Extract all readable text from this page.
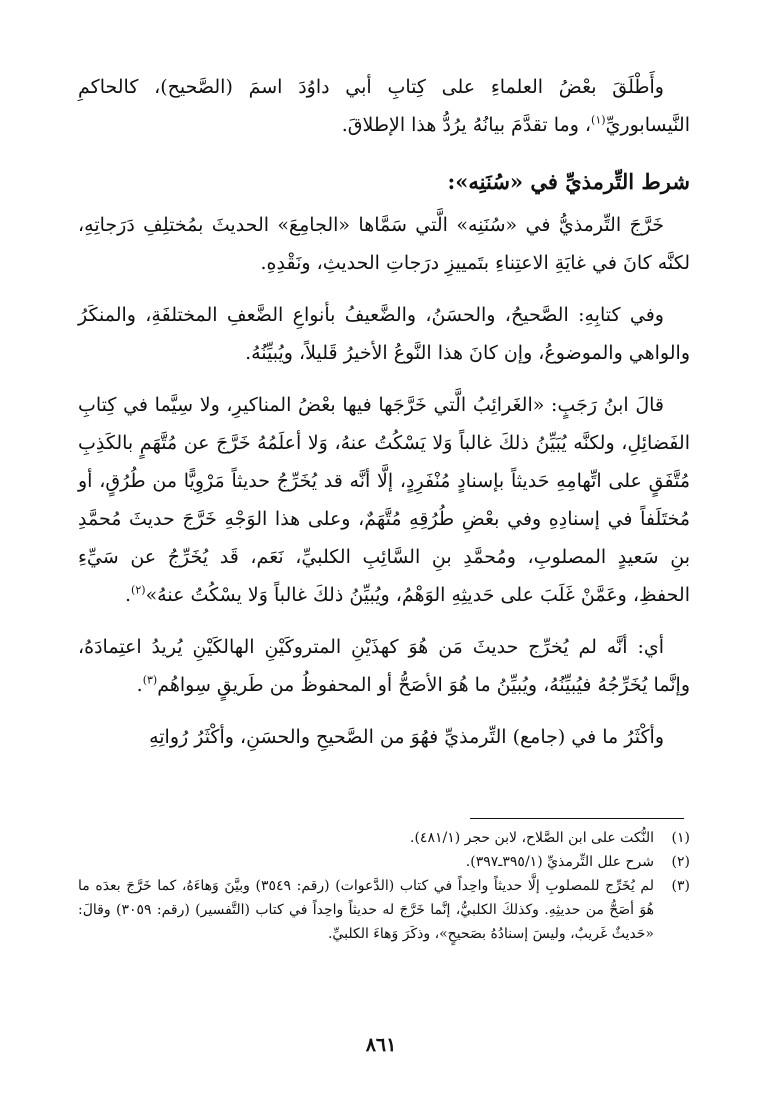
وأَطْلَقَ بعْضُ العلماءِ على كِتابِ أبي داوُدَ اسمَ (الصَّحيح)، كالحاكمِ النَّيسابوريِّ$^{(١)}$، وما تقدَّمَ بيانُهُ يرُدُّ هذا الإطلاقَ.

شرط التِّرمذيِّ في «سُنَنِه»:

خَرَّجَ التِّرمذيُّ في «سُنَنِه» الَّتي سَمَّاها «الجامِعَ» الحديثَ بمُختلِفِ دَرَجاتِهِ، لكنَّه كانَ في غايَةِ الاعتِناءِ بتَمييزِ درَجاتِ الحديثِ، ونَقْدِهِ.

وفي كتابِهِ: الصَّحيحُ، والحسَنُ، والضَّعيفُ بأنواعِ الضَّعفِ المختلفَةِ، والمنكَرُ والواهي والموضوعُ، وإن كانَ هذا النَّوعُ الأخيرُ قَليلاً، ويُبيِّنُهُ.

قالَ ابنُ رَجَبٍ: «الغَرائِبُ الَّتي خَرَّجَها فيها بعْضُ المناكيرِ، ولا سِيَّما في كِتابِ الفَضائِلِ، ولكنَّه يُبَيِّنُ ذلكَ غالباً وَلا يَسْكُتُ عنهُ، وَلا أعلَمُهُ خَرَّجَ عن مُتَّهَمٍ بالكَذِبِ مُتَّفَقٍ على اتِّهامِهِ حَديثاً بإسنادٍ مُنْفَرِدٍ، إلَّا أنَّه قد يُخَرِّجُ حديثاً مَرْوِيًّا من طُرُقٍ، أو مُختَلَفاً في إسنادِهِ وفي بعْضِ طُرُقِهِ مُتَّهَمٌ، وعلى هذا الوَجْهِ خَرَّجَ حديثَ مُحمَّدِ بنِ سَعيدٍ المصلوبِ، ومُحمَّدِ بنِ السَّائِبِ الكلبيِّ، نَعَم، قَد يُخَرِّجُ عن سَيِّءِ الحفظِ، وعَمَّنْ غَلَبَ على حَديثِهِ الوَهْمُ، ويُبيِّنُ ذلكَ غالباً وَلا يسْكُتُ عنهُ»$^{(٢)}$.

أي: أنَّه لم يُخرِّج حديثَ مَن هُوَ كهذَيْنِ المتروكَيْنِ الهالكَيْنِ يُريدُ اعتِمادَهُ، وإنَّما يُخَرِّجُهُ فيُبيِّنُهُ، ويُبيِّنُ ما هُوَ الأصَحُّ أو المحفوظُ من طَريقٍ سِواهُم$^{(٣)}$.

وأكْثَرُ ما في (جامع) التِّرمذيِّ فهُوَ من الصَّحيحِ والحسَنِ، وأكْثَرُ رُواتِهِ

(١)
النُّكت على ابن الصَّلاح، لابن حجر (٤٨١/١).
(٢)
شرح علل التِّرمذيِّ (٣٩٥/١ـ٣٩٧).
(٣)
لم يُخَرِّج للمصلوبِ إلَّا حديثاً واحِداً في كتاب (الدَّعوات) (رقم: ٣٥٤٩) وبيَّنَ وَهاءَهُ، كما خَرَّجَ بعدَه ما هُوَ أصَحُّ من حديثِهِ. وكذلكَ الكلبيُّ، إنَّما خَرَّجَ له حديثاً واحِداً في كتاب (التَّفسير) (رقم: ٣٠٥٩) وقالَ: «حَديثٌ غَريبٌ، وليسَ إسنادُهُ بصَحيحٍ»، وذكَرَ وَهاءَ الكلبيِّ.
٨٦١
